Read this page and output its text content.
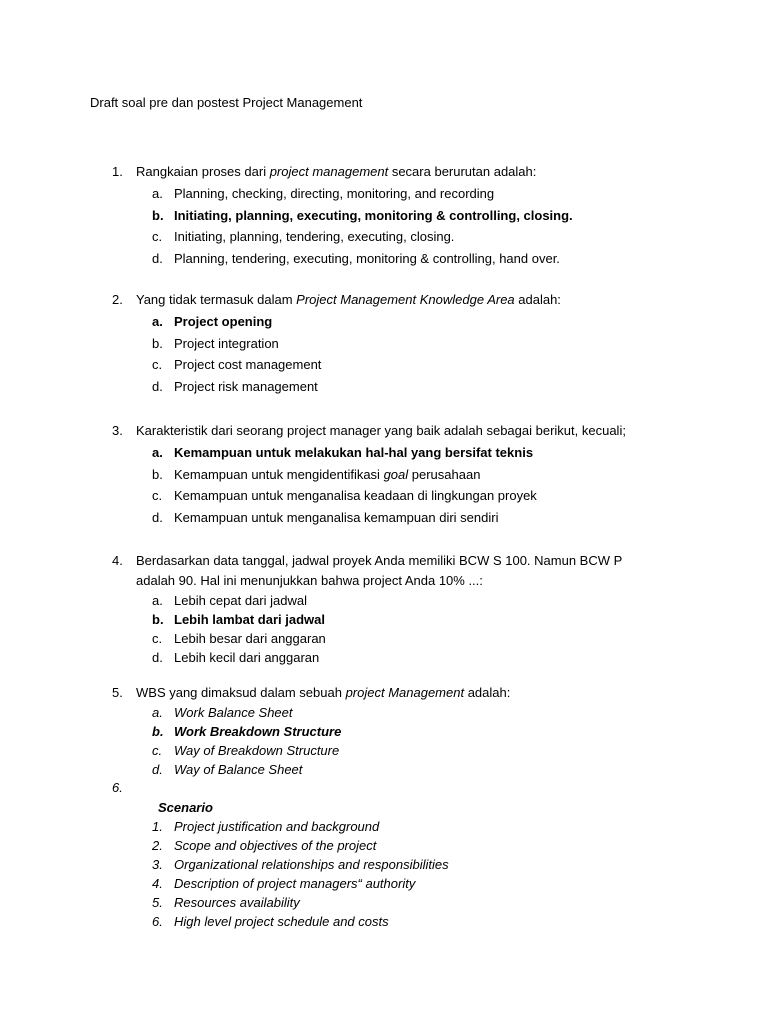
Draft soal pre dan postest Project Management
1.	Rangkaian proses dari project management secara berurutan adalah:
a. Planning, checking, directing, monitoring, and recording
b. Initiating, planning, executing, monitoring & controlling, closing.
c. Initiating, planning, tendering, executing, closing.
d. Planning, tendering, executing, monitoring & controlling, hand over.
2.	Yang tidak termasuk dalam Project Management Knowledge Area adalah:
a. Project opening
b. Project integration
c. Project cost management
d. Project risk management
3.	Karakteristik dari seorang project manager yang baik adalah sebagai berikut, kecuali;
a. Kemampuan untuk melakukan hal-hal yang bersifat teknis
b. Kemampuan untuk mengidentifikasi goal perusahaan
c. Kemampuan untuk menganalisa keadaan di lingkungan proyek
d. Kemampuan untuk menganalisa kemampuan diri sendiri
4.	Berdasarkan data tanggal, jadwal proyek Anda memiliki BCW S 100. Namun BCW P
adalah 90. Hal ini menunjukkan bahwa project Anda 10% ...:
a. Lebih cepat dari jadwal
b. Lebih lambat dari jadwal
c. Lebih besar dari anggaran
d. Lebih kecil dari anggaran
5.	WBS yang dimaksud dalam sebuah project Management adalah:
a. Work Balance Sheet
b. Work Breakdown Structure
c. Way of Breakdown Structure
d. Way of Balance Sheet
6.
Scenario
1. Project justification and background
2. Scope and objectives of the project
3. Organizational relationships and responsibilities
4. Description of project managers“ authority
5. Resources availability
6. High level project schedule and costs
